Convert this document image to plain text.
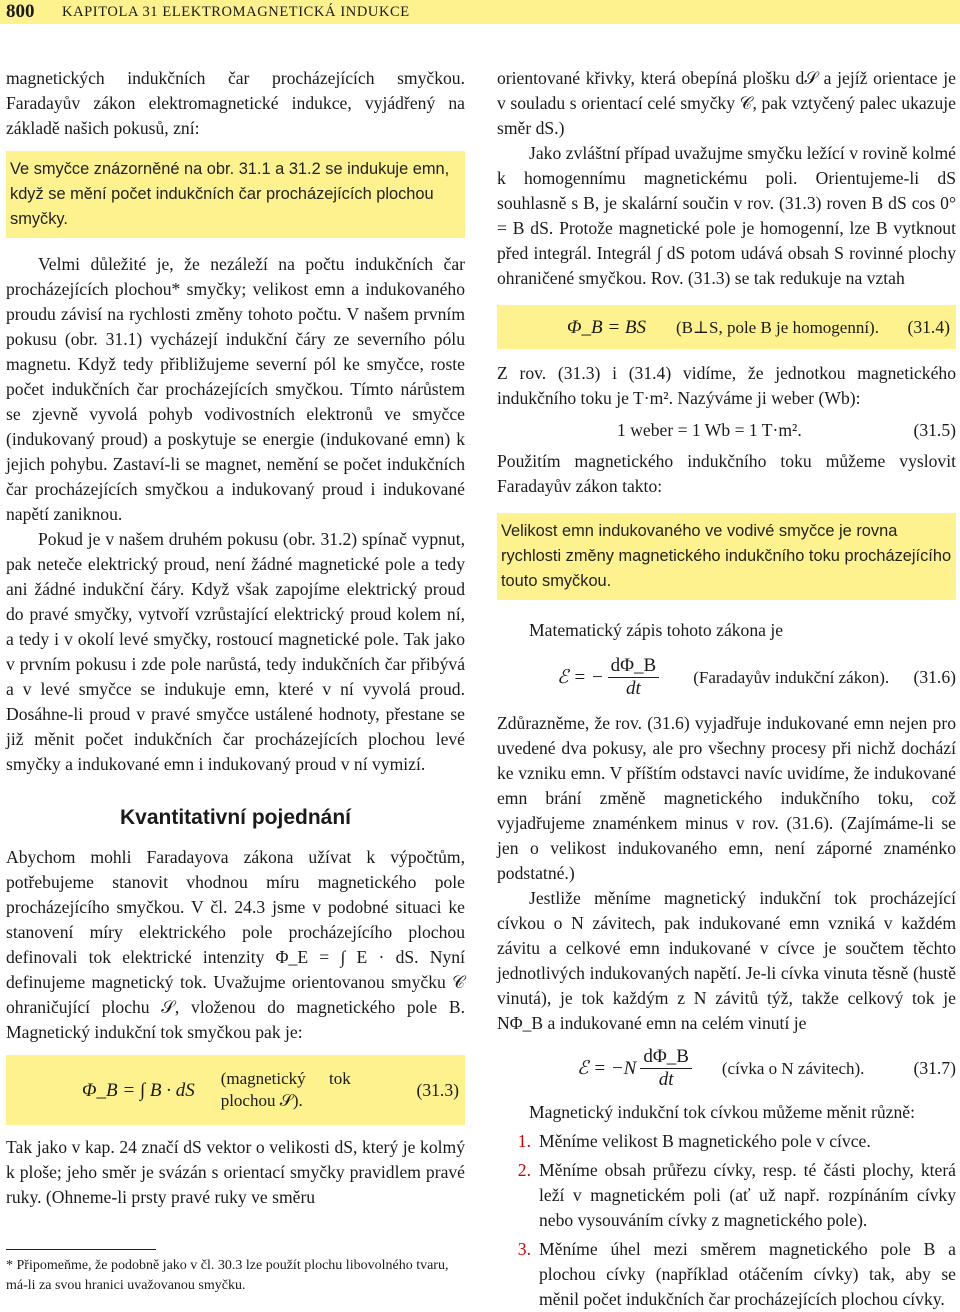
800 KAPITOLA 31 ELEKTROMAGNETICKÁ INDUKCE

magnetických indukčních čar procházejících smyčkou. Faradayův zákon elektromagnetické indukce, vyjádřený na základě našich pokusů, zní:

Ve smyčce znázorněné na obr. 31.1 a 31.2 se indukuje emn, když se mění počet indukčních čar procházejících plochou smyčky.

Velmi důležité je, že nezáleží na počtu indukčních čar procházejících plochou* smyčky; velikost emn a indukovaného proudu závisí na rychlosti změny tohoto počtu. V našem prvním pokusu (obr. 31.1) vycházejí indukční čáry ze severního pólu magnetu. Když tedy přibližujeme severní pól ke smyčce, roste počet indukčních čar procházejících smyčkou. Tímto nárůstem se zjevně vyvolá pohyb vodivostních elektronů ve smyčce (indukovaný proud) a poskytuje se energie (indukované emn) k jejich pohybu. Zastaví-li se magnet, nemění se počet indukčních čar procházejících smyčkou a indukovaný proud i indukované napětí zaniknou.

Pokud je v našem druhém pokusu (obr. 31.2) spínač vypnut, pak neteče elektrický proud, není žádné magnetické pole a tedy ani žádné indukční čáry. Když však zapojíme elektrický proud do pravé smyčky, vytvoří vzrůstající elektrický proud kolem ní, a tedy i v okolí levé smyčky, rostoucí magnetické pole. Tak jako v prvním pokusu i zde pole narůstá, tedy indukčních čar přibývá a v levé smyčce se indukuje emn, které v ní vyvolá proud. Dosáhne-li proud v pravé smyčce ustálené hodnoty, přestane se již měnit počet indukčních čar procházejících plochou levé smyčky a indukované emn i indukovaný proud v ní vymizí.

Kvantitativní pojednání

Abychom mohli Faradayova zákona užívat k výpočtům, potřebujeme stanovit vhodnou míru magnetického pole procházejícího smyčkou. V čl. 24.3 jsme v podobné situaci ke stanovení míry elektrického pole procházejícího plochou definovali tok elektrické intenzity Φ_E = ∫ E · dS. Nyní definujeme magnetický tok. Uvažujme orientovanou smyčku 𝒞 ohraničující plochu 𝒮, vloženou do magnetického pole B. Magnetický indukční tok smyčkou pak je:

Φ_B = ∫ B · dS
(magnetický tok plochou 𝒮).
(31.3)

Tak jako v kap. 24 značí dS vektor o velikosti dS, který je kolmý k ploše; jeho směr je svázán s orientací smyčky pravidlem pravé ruky. (Ohneme-li prsty pravé ruky ve směru

* Připomeňme, že podobně jako v čl. 30.3 lze použít plochu libovolného tvaru, má-li za svou hranici uvažovanou smyčku.

orientované křivky, která obepíná plošku d𝒮 a jejíž orientace je v souladu s orientací celé smyčky 𝒞, pak vztyčený palec ukazuje směr dS.)

Jako zvláštní případ uvažujme smyčku ležící v rovině kolmé k homogennímu magnetickému poli. Orientujeme-li dS souhlasně s B, je skalární součin v rov. (31.3) roven B dS cos 0° = B dS. Protože magnetické pole je homogenní, lze B vytknout před integrál. Integrál ∫ dS potom udává obsah S rovinné plochy ohraničené smyčkou. Rov. (31.3) se tak redukuje na vztah

Φ_B = BS (B⊥S, pole B je homogenní). (31.4)

Z rov. (31.3) i (31.4) vidíme, že jednotkou magnetického indukčního toku je T·m². Nazýváme ji weber (Wb):

1 weber = 1 Wb = 1 T·m².	(31.5)

Použitím magnetického indukčního toku můžeme vyslovit Faradayův zákon takto:

Velikost emn indukovaného ve vodivé smyčce je rovna rychlosti změny magnetického indukčního toku procházejícího touto smyčkou.

Matematický zápis tohoto zákona je

ℰ = − $\frac{d\Phi\_B}{dt}$ (Faradayův indukční zákon). (31.6)

Zdůrazněme, že rov. (31.6) vyjadřuje indukované emn nejen pro uvedené dva pokusy, ale pro všechny procesy při nichž dochází ke vzniku emn. V příštím odstavci navíc uvidíme, že indukované emn brání změně magnetického indukčního toku, což vyjadřujeme znaménkem minus v rov. (31.6). (Zajímáme-li se jen o velikost indukovaného emn, není záporné znaménko podstatné.)

Jestliže měníme magnetický indukční tok procházející cívkou o N závitech, pak indukované emn vzniká v každém závitu a celkové emn indukované v cívce je součtem těchto jednotlivých indukovaných napětí. Je-li cívka vinuta těsně (hustě vinutá), je tok každým z N závitů týž, takže celkový tok je NΦ_B a indukované emn na celém vinutí je

ℰ = $-N \frac{d\Phi\_B}{dt}$ (cívka o N závitech).	(31.7)

Magnetický indukční tok cívkou můžeme měnit různě:

1. Měníme velikost B magnetického pole v cívce.
2. Měníme obsah průřezu cívky, resp. té části plochy, která leží v magnetickém poli (ať už např. rozpínáním cívky nebo vysouváním cívky z magnetického pole).
3. Měníme úhel mezi směrem magnetického pole B a plochou cívky (například otáčením cívky) tak, aby se měnil počet indukčních čar procházejících plochou cívky.
